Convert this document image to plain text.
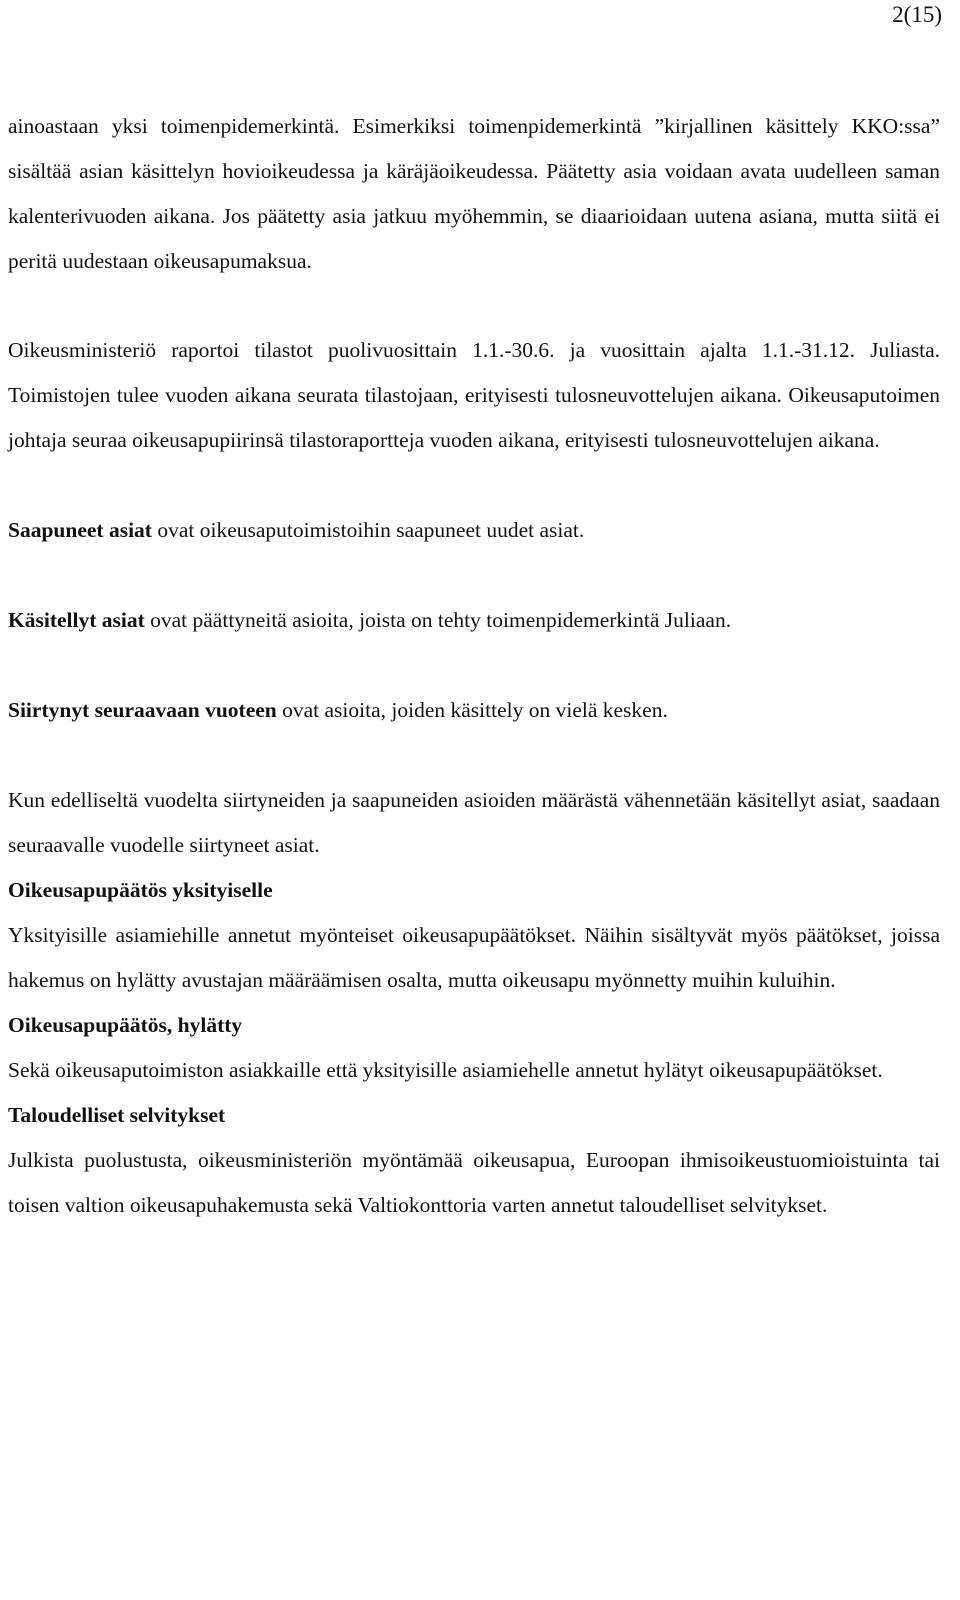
2(15)

ainoastaan yksi toimenpidemerkintä. Esimerkiksi toimenpidemerkintä ”kirjallinen käsittely KKO:ssa” sisältää asian käsittelyn hovioikeudessa ja käräjäoikeudessa. Päätetty asia voidaan avata uudelleen saman kalenterivuoden aikana. Jos päätetty asia jatkuu myöhemmin, se diaarioidaan uutena asiana, mutta siitä ei peritä uudestaan oikeusapumaksua.

Oikeusministeriö raportoi tilastot puolivuosittain 1.1.-30.6. ja vuosittain ajalta 1.1.-31.12. Juliasta. Toimistojen tulee vuoden aikana seurata tilastojaan, erityisesti tulosneuvottelujen aikana. Oikeusaputoimen johtaja seuraa oikeusapupiirinsä tilastoraportteja vuoden aikana, erityisesti tulosneuvottelujen aikana.

Saapuneet asiat ovat oikeusaputoimistoihin saapuneet uudet asiat.

Käsitellyt asiat ovat päättyneitä asioita, joista on tehty toimenpidemerkintä Juliaan.

Siirtynyt seuraavaan vuoteen ovat asioita, joiden käsittely on vielä kesken.

Kun edelliseltä vuodelta siirtyneiden ja saapuneiden asioiden määrästä vähennetään käsitellyt asiat, saadaan seuraavalle vuodelle siirtyneet asiat.

Oikeusapupäätös yksityiselle

Yksityisille asiamiehille annetut myönteiset oikeusapupäätökset. Näihin sisältyvät myös päätökset, joissa hakemus on hylätty avustajan määräämisen osalta, mutta oikeusapu myönnetty muihin kuluihin.

Oikeusapupäätös, hylätty

Sekä oikeusaputoimiston asiakkaille että yksityisille asiamiehelle annetut hylätyt oikeusapupäätökset.

Taloudelliset selvitykset

Julkista puolustusta, oikeusministeriön myöntämää oikeusapua, Euroopan ihmisoikeustuomioistuinta tai toisen valtion oikeusapuhakemusta sekä Valtiokonttoria varten annetut taloudelliset selvitykset.
